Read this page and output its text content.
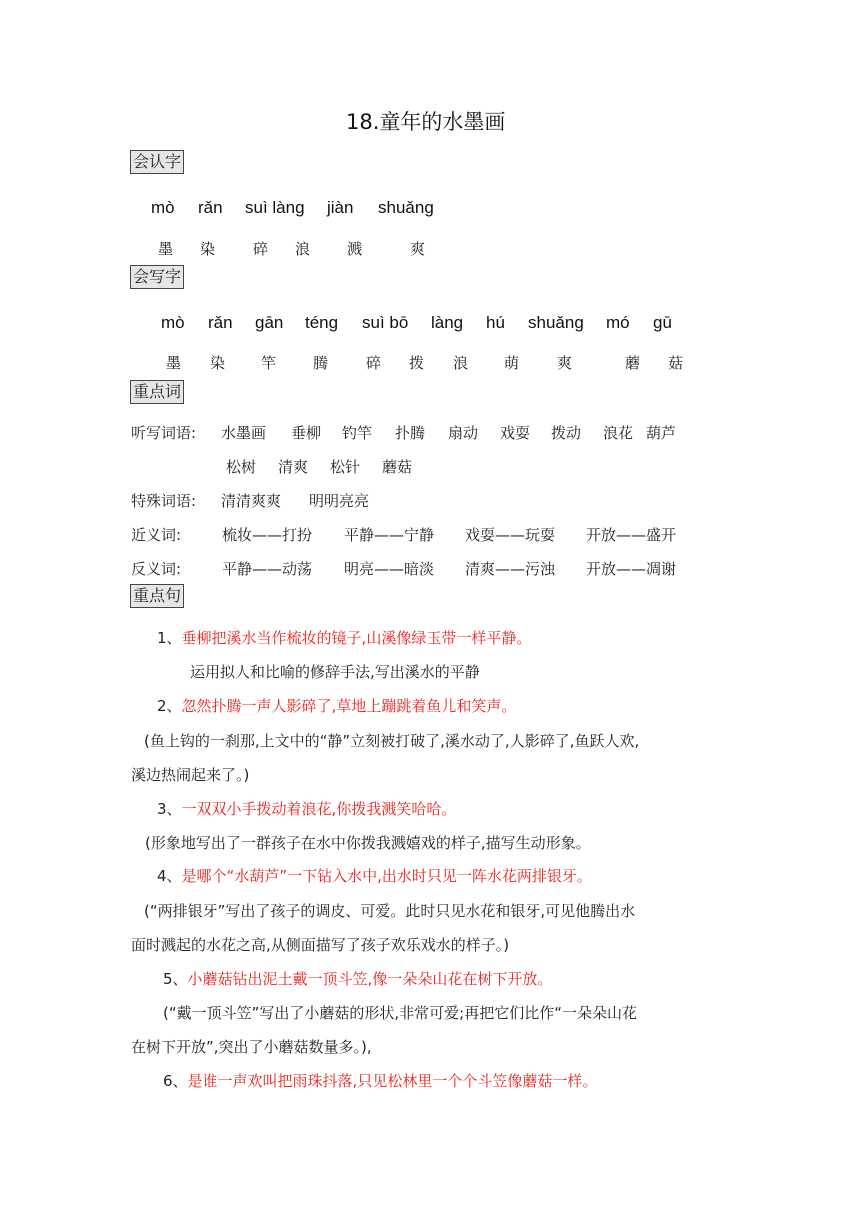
18.童年的水墨画
会认字
mò rǎn suì làng jiàn shuǎng
墨 染	碎 浪 溅	爽
会写字
mò rǎn gān téng suì bō làng hú shuǎng mó gū
墨 染 竿 腾	碎 拨 浪 萌	爽	蘑 菇
重点词
听写词语: 水墨画 垂柳 钓竿 扑腾 扇动 戏耍 拨动 浪花 葫芦
松树 清爽 松针 蘑菇
特殊词语: 清清爽爽 明明亮亮
近义词:	梳妆——打扮 平静——宁静 戏耍——玩耍 开放——盛开
反义词:	平静——动荡 明亮——暗淡 清爽——污浊 开放——凋谢
重点句
1、垂柳把溪水当作梳妆的镜子,山溪像绿玉带一样平静。
运用拟人和比喻的修辞手法,写出溪水的平静
2、忽然扑腾一声人影碎了,草地上蹦跳着鱼儿和笑声。
(鱼上钩的一刹那,上文中的“静”立刻被打破了,溪水动了,人影碎了,鱼跃人欢,
溪边热闹起来了。)
3、一双双小手拨动着浪花,你拨我溅笑哈哈。
(形象地写出了一群孩子在水中你拨我溅嬉戏的样子,描写生动形象。
4、是哪个“水葫芦”一下钻入水中,出水时只见一阵水花两排银牙。
(“两排银牙”写出了孩子的调皮、可爱。此时只见水花和银牙,可见他腾出水
面时溅起的水花之高,从侧面描写了孩子欢乐戏水的样子。)
5、小蘑菇钻出泥土戴一顶斗笠,像一朵朵山花在树下开放。
(“戴一顶斗笠”写出了小蘑菇的形状,非常可爱;再把它们比作“一朵朵山花
在树下开放”,突出了小蘑菇数量多。),
6、是谁一声欢叫把雨珠抖落,只见松林里一个个斗笠像蘑菇一样。
